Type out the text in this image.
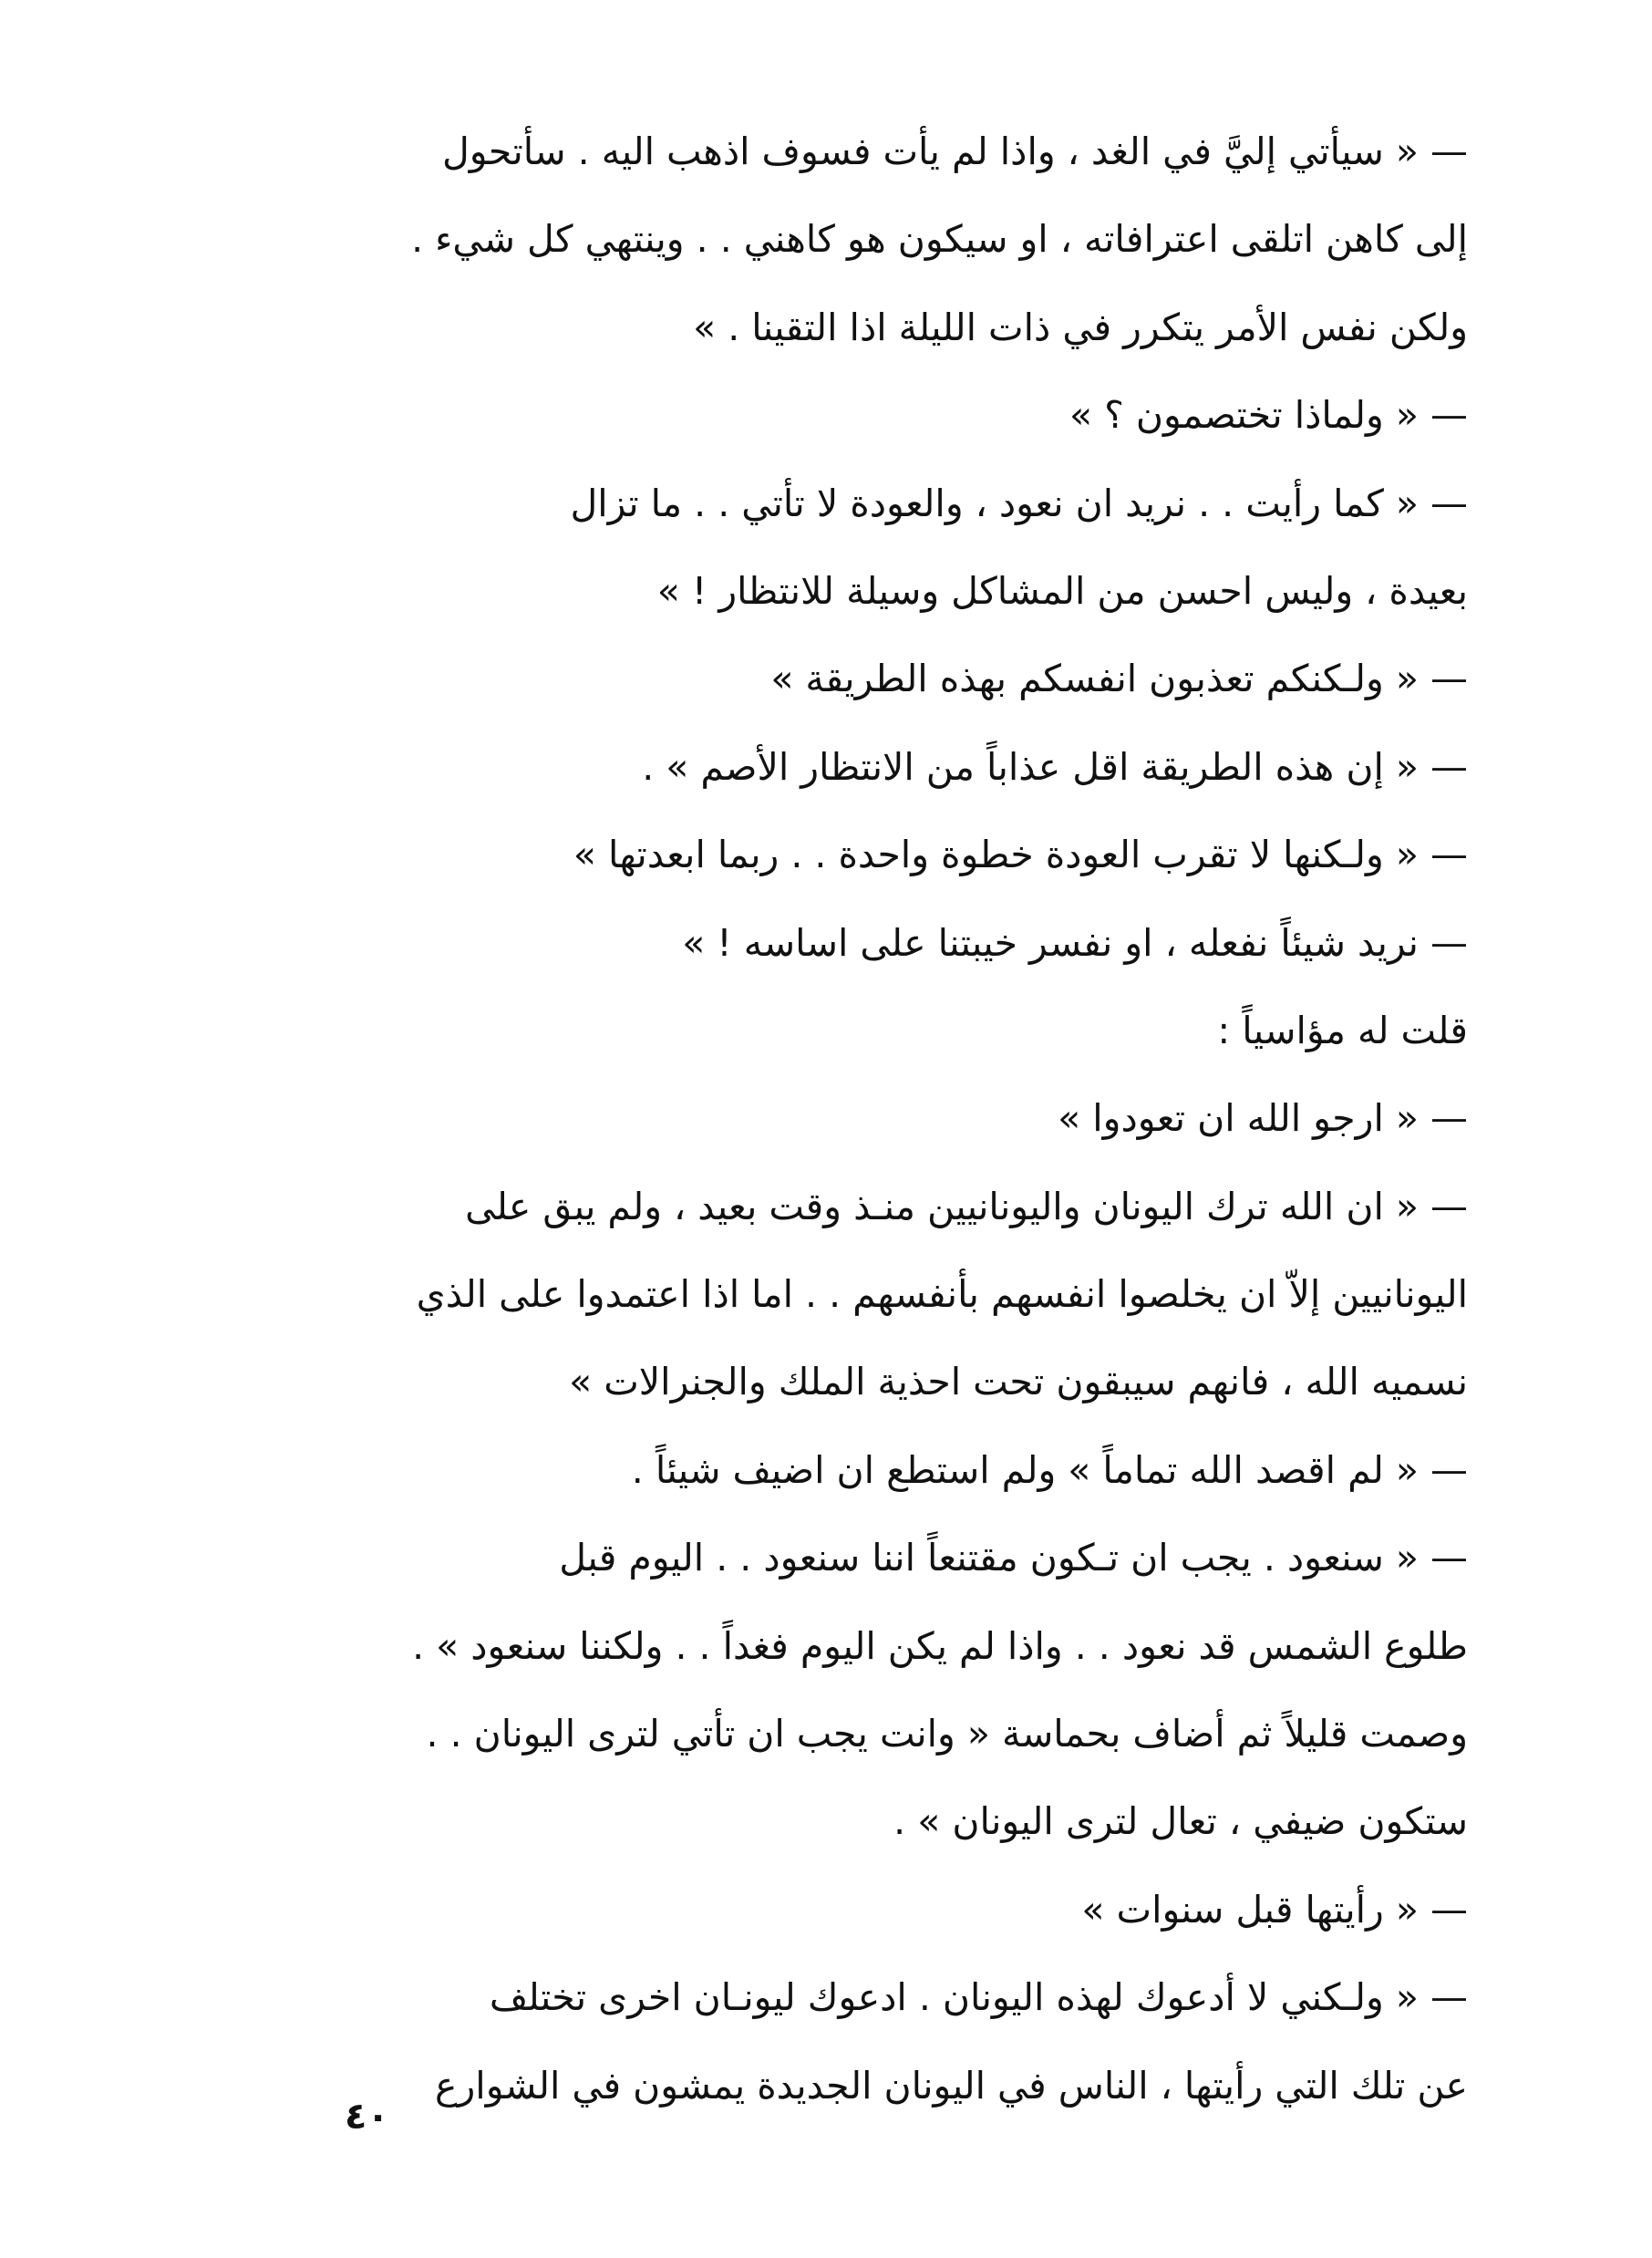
— « سيأتي إليَّ في الغد ، واذا لم يأت فسوف اذهب اليه . سأتحول
إلى كاهن اتلقى اعترافاته ، او سيكون هو كاهني . . وينتهي كل شيء .
ولكن نفس الأمر يتكرر في ذات الليلة اذا التقينا . »
— « ولماذا تختصمون ؟ »
— « كما رأيت . . نريد ان نعود ، والعودة لا تأتي . . ما تزال
بعيدة ، وليس احسن من المشاكل وسيلة للانتظار ! »
— « ولـكنكم تعذبون انفسكم بهذه الطريقة »
— « إن هذه الطريقة اقل عذاباً من الانتظار الأصم » .
— « ولـكنها لا تقرب العودة خطوة واحدة . . ربما ابعدتها »
— نريد شيئاً نفعله ، او نفسر خيبتنا على اساسه ! »
قلت له مؤاسياً :
— « ارجو الله ان تعودوا »
— « ان الله ترك اليونان واليونانيين منـذ وقت بعيد ، ولم يبق على
اليونانيين إلاّ ان يخلصوا انفسهم بأنفسهم . . اما اذا اعتمدوا على الذي
نسميه الله ، فانهم سيبقون تحت احذية الملك والجنرالات »
— « لم اقصد الله تماماً » ولم استطع ان اضيف شيئاً .
— « سنعود . يجب ان تـكون مقتنعاً اننا سنعود . . اليوم قبل
طلوع الشمس قد نعود . . واذا لم يكن اليوم فغداً . . ولكننا سنعود » .
وصمت قليلاً ثم أضاف بحماسة « وانت يجب ان تأتي لترى اليونان . .
ستكون ضيفي ، تعال لترى اليونان » .
— « رأيتها قبل سنوات »
— « ولـكني لا أدعوك لهذه اليونان . ادعوك ليونـان اخرى تختلف
عن تلك التي رأيتها ، الناس في اليونان الجديدة يمشون في الشوارع
٤٠
